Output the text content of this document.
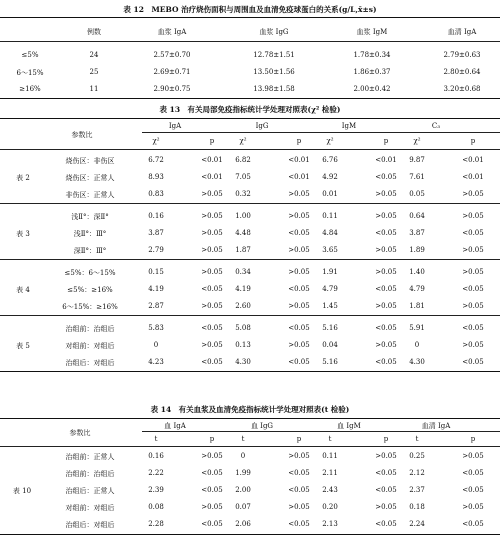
表 12　MEBO 治疗烧伤面积与周围血及血清免疫球蛋白的关系(g/L,x̄±s)
例数	血浆 IgA	血浆 IgG	血浆 IgM	血清 IgA
≤5%	24	2.57±0.70	12.78±1.51	1.78±0.34	2.79±0.63
6～15%	25	2.69±0.71	13.50±1.56	1.86±0.37	2.80±0.64
≥16%	11	2.90±0.75	13.98±1.58	2.00±0.42	3.20±0.68
表 13　有关局部免疫指标统计学处理对照表(χ² 检验)
参数比
IgA	IgG	IgM	C₃
χ²	p	χ²	p	χ²	p	χ²	p
烧伤区：非伤区	6.72	<0.01	6.82	<0.01	6.76	<0.01	9.87	<0.01
烧伤区：正常人	8.93	<0.01	7.05	<0.01	4.92	<0.05	7.61	<0.01
非伤区：正常人	0.83	>0.05	0.32	>0.05	0.01	>0.05	0.05	>0.05
表 2
浅Ⅱ°：深Ⅱ°	0.16	>0.05	1.00	>0.05	0.11	>0.05	0.64	>0.05
浅Ⅱ°：Ⅲ°	3.87	>0.05	4.48	<0.05	4.84	<0.05	3.87	<0.05
深Ⅱ°：Ⅲ°	2.79	>0.05	1.87	>0.05	3.65	>0.05	1.89	>0.05
表 3
≤5%：6～15%	0.15	>0.05	0.34	>0.05	1.91	>0.05	1.40	>0.05
≤5%：≥16%	4.19	<0.05	4.19	<0.05	4.79	<0.05	4.79	<0.05
6～15%：≥16%	2.87	>0.05	2.60	>0.05	1.45	>0.05	1.81	>0.05
表 4
治组前：治组后	5.83	<0.05	5.08	<0.05	5.16	<0.05	5.91	<0.05
对组前：对组后	0	>0.05	0.13	>0.05	0.04	>0.05	0	>0.05
治组后：对组后	4.23	<0.05	4.30	<0.05	5.16	<0.05	4.30	<0.05
表 5
表 14　有关血浆及血清免疫指标统计学处理对照表(t 检验)
参数比
血 IgA	血 IgG	血 IgM	血清 IgA
t	p	t	p	t	p	t	p
治组前：正常人	0.16	>0.05	0	>0.05	0.11	>0.05	0.25	>0.05
治组前：治组后	2.22	<0.05	1.99	<0.05	2.11	<0.05	2.12	<0.05
治组后：正常人	2.39	<0.05	2.00	<0.05	2.43	<0.05	2.37	<0.05
对组前：对组后	0.08	>0.05	0.07	>0.05	0.20	>0.05	0.18	>0.05
治组后：对组后	2.28	<0.05	2.06	<0.05	2.13	<0.05	2.24	<0.05
表 10
